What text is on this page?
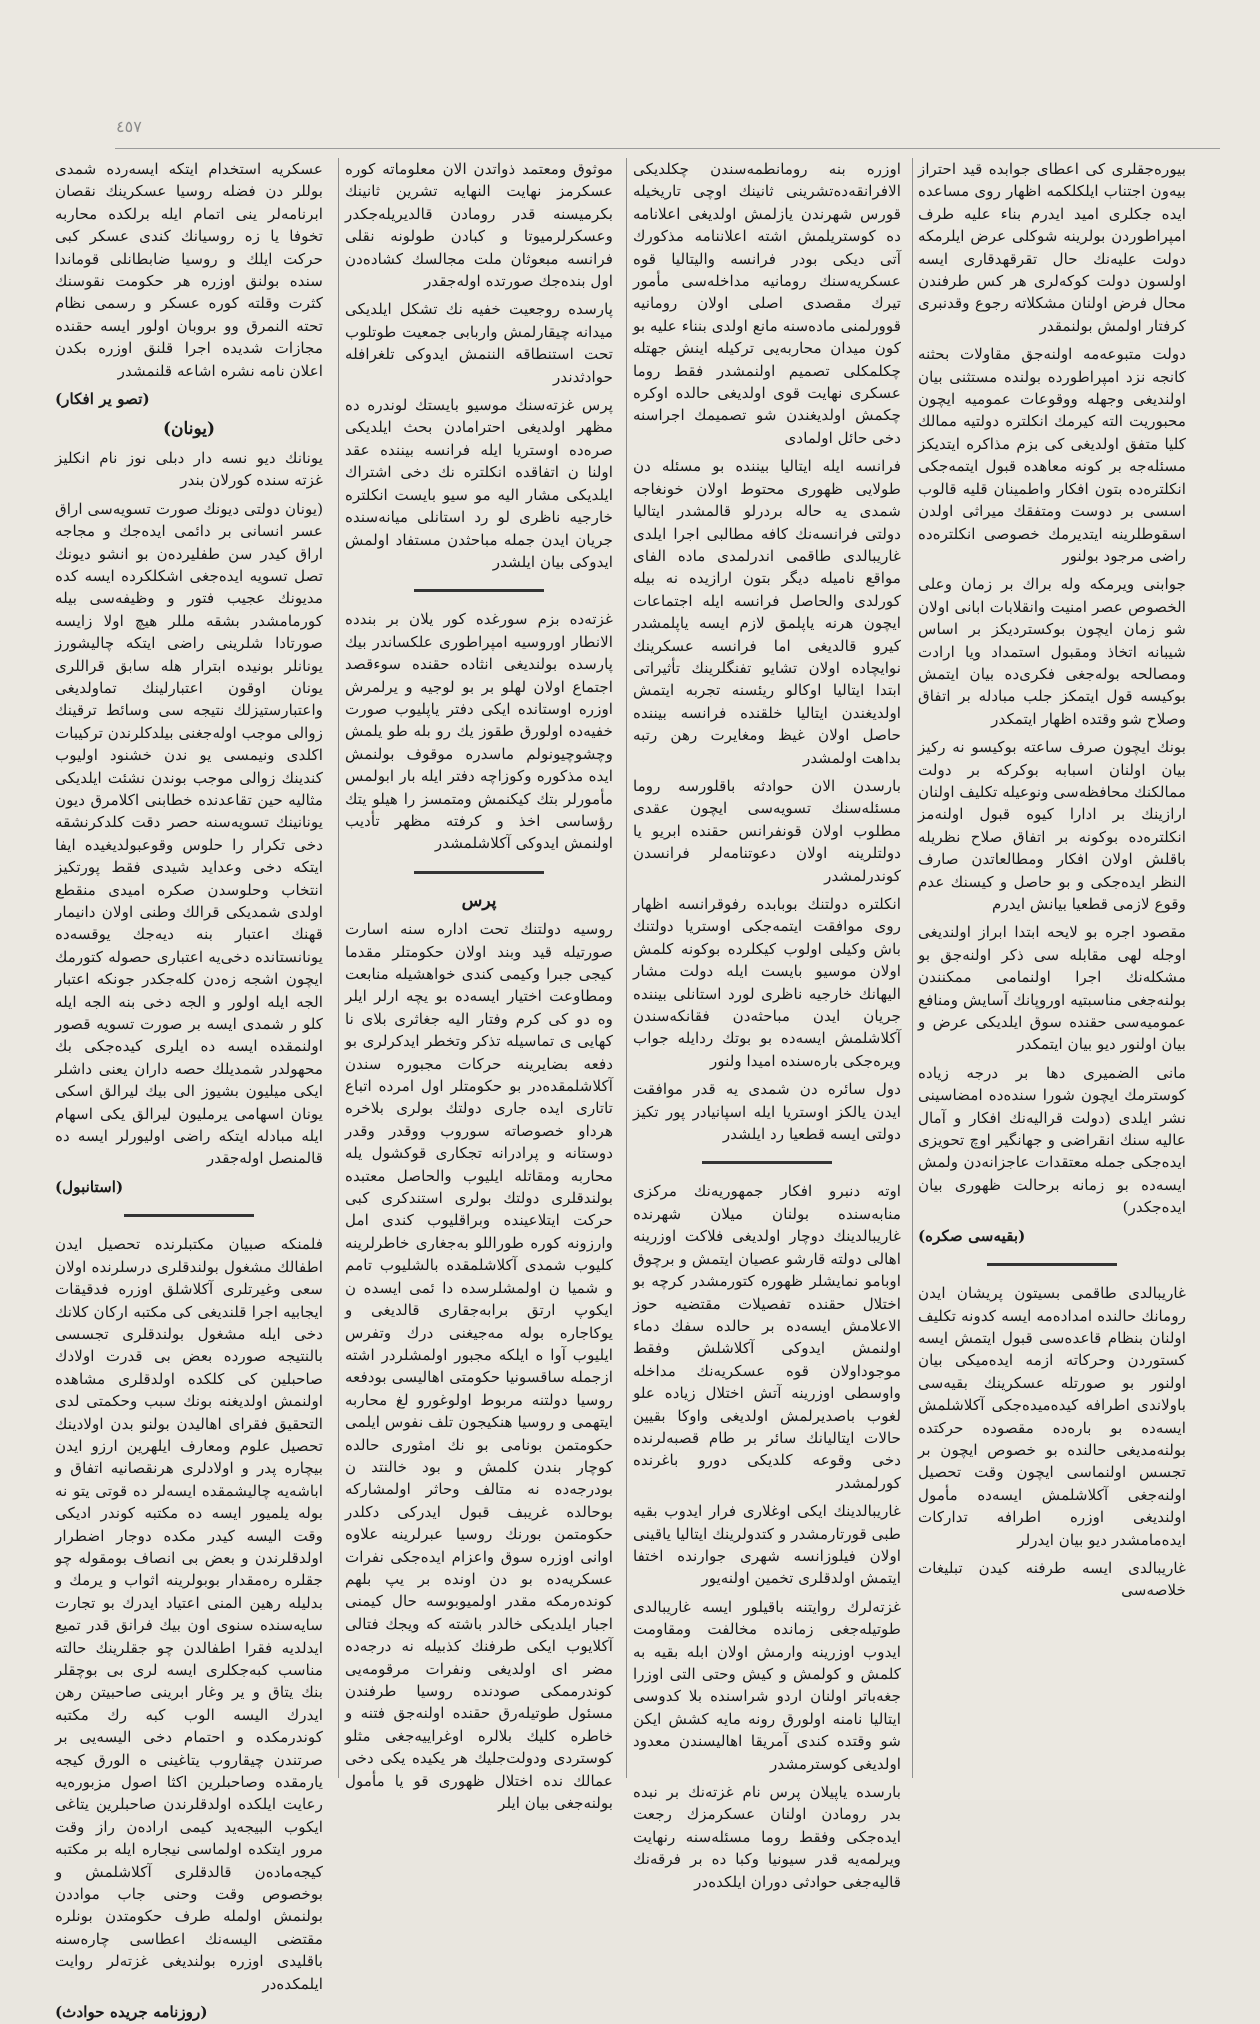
٤٥٧

بیوره‌جقلری كی اعطای جوابده قید احتراز بیه‌ون اجتناب ایلكلكمه اظهار روی مساعده ایده جكلری امید ایدرم بناء علیه طرف امپراطوردن بولرینه شوکلی عرض ایلرمكه دولت علیه‌نك حال تقرقهدقاری ایسه اولسون دولت كوكه‌لری هر كس طرفندن محال فرض اولنان مشكلاته رجوع وقدنبری كرفتار اولمش بولنمقدر

دولت متبوعه‌مه اولنه‌جق مقاولات بحثنه كانجه نزد امپراطورده بولنده مستثنی بیان اولندیغی وجهله ووقوعات عمومیه ایچون محبوریت الته كیرمك انكلتره دولتیه ممالك كلیا متفق اولدیغی كی بزم مذاكره ایتدیكز مسئله‌جه بر كونه معاهده قبول ایتمه‌جكی انكلتره‌ده بتون افكار واطمینان قلیه قالوب اسسی بر دوست ومتفقك میراثی اولدن اسقوطلرینه ایتدیرمك خصوصی انكلتره‌ده راضی مرجود بولنور

جوابنی ویرمكه وله براك بر زمان وعلی الخصوص عصر امنیت وانقلابات ابانی اولان شو زمان ایچون بوكستردیكز بر اساس شیبانه اتخاذ ومقبول استمداد ویا ارادت ومصالحه بوله‌جغی فكری‌ده بیان ایتمش بوكیسه قول ایتمكز جلب مبادله بر اتفاق وصلاح شو وقتده اظهار ایتمكدر

بونك ایچون صرف ساعته بوكیسو نه ركیز بیان اولنان اسبابه بوكركه بر دولت ممالكنك محافظه‌سی ونوعیله تكلیف اولنان ارازینك بر ادارا كیوه قبول اولنه‌مز انكلتره‌ده بوكونه بر اتفاق صلاح نظریله باقلش اولان افكار ومطالعاتدن صارف النظر ایده‌جكی و بو حاصل و كیسنك عدم وقوع لازمی قطعیا بیانش ایدرم

مقصود اجره بو لایحه ابتدا ابراز اولندیغی اوجله لهی مقابله سی ذكر اولنه‌جق بو مشكله‌نك اجرا اولنمامی ممكنندن بولنه‌جغی مناسبتیه اوروپانك آسایش ومنافع عمومیه‌سی حقنده سوق ایلدیكی عرض و بیان اولنور دیو بیان ایتمكدر

مانی الضمیری دها بر درجه زیاده كوسترمك ایچون شورا سنده‌ده امضاسینی نشر ایلدی (دولت قرالیه‌نك افكار و آمال عالیه‌ سنك انقراضی و جهانگیر اوچ تحویزی ایده‌جكی جمله معتقدات عاجزانه‌دن ولمش ایسه‌ده بو زمانه برحالت ظهوری بیان ایده‌جكدر)

(بقیه‌سی صكره)

غاریبالدی طاقمی بسیتون پریشان ایدن رومانك حالنده امداده‌مه ایسه كدونه تكلیف اولنان بنظام قاعده‌سی قبول ایتمش ایسه كستوردن وحركاته ازمه ایده‌میكی بیان اولنور بو صورتله عسكرینك بقیه‌سی باولاندی اطرافه كیده‌میده‌جكی آكلاشلمش ایسه‌ده بو باره‌ده مقصوده حركتده بولنه‌مدیغی حالنده بو خصوص ایچون بر تجسس اولنماسی ایچون وقت تحصیل اولنه‌جغی آكلاشلمش ایسه‌ده مأمول اولندیغی اوزره اطرافه تداركات ایده‌مامشدر دیو بیان ایدرلر

غاریبالدی ایسه طرفنه كیدن تبلیغات خلاصه‌سی

اوزره بنه رومانطمه‌سندن چكلدیكی الافرانقه‌ده‌تشرینی ثانینك اوچی تاریخیله قورس شهرندن یازلمش اولدیغی اعلانامه ده كوستریلمش اشته اعلاننامه مذكورك آتی دیكی بودر فرانسه والیتالیا قوه عسكریه‌سنك رومانیه مداخله‌سی مأمور تیرك مقصدی اصلی اولان رومانیه قوورلمنی ماده‌سنه مانع اولدی بنناء علیه بو كون میدان محاربه‌یی تركیله اینش جهتله چكلمكلی تصمیم اولنمشدر فقط روما عسكری نهایت قوی اولدیغی حالده اوكره چكمش اولدیغندن شو تصمیمك اجراسنه دخی حائل اولمادی

فرانسه ایله ایتالیا بیننده بو مسئله دن طولایی ظهوری محتوط اولان خونغاجه شمدی یه حاله بردرلو قالمشدر ایتالیا دولتی فرانسه‌نك كافه مطالبی اجرا ایلدی غاریبالدی طاقمی اندرلمدی ماده الفای مواقع نامیله دیگر بتون ارازیده نه بیله كورلدی والحاصل فرانسه ایله اجتماعات ایچون هرنه یاپلمق لازم ایسه یاپلمشدر كیرو قالدیغی اما فرانسه عسكرینك نوایچاده اولان تشایو تفنگلرینك تأثیراتی ابتدا ایتالیا اوكالو ریئسنه تجربه ایتمش اولدیغندن ایتالیا خلقنده فرانسه بیننده حاصل اولان غیظ ومغایرت رهن رتبه بداهت اولمشدر

بارسدن الان حوادثه باقلورسه روما مسئله‌سنك تسویه‌سی ایچون عقدی مطلوب اولان قونفرانس حقنده ابریو یا دولتلرینه اولان دعوتنامه‌لر فرانسدن كوندرلمشدر

انكلتره دولتنك بوبابده رفوقرانسه اظهار روی موافقت ایتمه‌جكی اوستریا دولتنك باش وكیلی اولوب كیكلرده بوكونه كلمش اولان موسیو بایست ایله دولت مشار الیهانك خارجیه ناظری لورد استانلی بیننده جریان ایدن مباحثه‌دن فقانكه‌سندن آكلاشلمش ایسه‌ده بو بوتك ردایله جواب ویره‌جكی باره‌سنده‌ امیدا ولنور

دول سائره دن شمدی یه قدر موافقت ایدن یالكز اوستریا ایله اسپانیادر پور تكیز دولتی ایسه قطعیا رد ایلشدر

اوته دنبرو افكار جمهوریه‌نك مركزی منابه‌سنده بولنان میلان شهرنده غاریبالدینك دوچار اولدیغی فلاكت اوزرینه اهالی دولته قارشو عصیان ایتمش و برچوق اوبامو نمایشلر ظهوره كتورمشدر كرچه بو اختلال حقنده تفصیلات مقتضیه حوز الاعلامش ایسه‌ده بر حالده سفك دماء اولنمش ایدوكی آكلاشلش وفقط موجوداولان قوه عسكریه‌نك مداخله واوسطی اوزرینه آتش اختلال زیاده علو لغوب باصدیرلمش اولدیغی واوكا بقیین حالات ایتالیانك سائر بر طام قصبه‌لرنده دخی وقوعه كلدیكی دورو باغرنده كورلمشدر

غاریبالدینك ایكی اوغلاری فرار ایدوب بقیه‌ طبی قورتارمشدر و كتدولرینك ایتالیا یاقینی اولان فیلوزانسه شهری جوارنده اختفا ایتمش اولدقلری تخمین اولنه‌یور

غزته‌لرك روایتنه باقیلور ایسه غاریبالدی طوتیله‌جغی زمانده مخالفت ومقاومت ایدوب اوزرینه وارمش اولان ابله بقیه به كلمش و كولمش و كیش وحتی التی اوزرا جغه‌باتر اولنان اردو شراسنده بلا كدوسی ایتالیا نامنه اولورق رونه مایه كشش ایكن شو وقتده كندی آمریقا اهالیسندن معدود اولدیغی كوسترمشدر

بارسده یاپیلان پرس نام غزته‌نك بر نبده بدر رومادن اولنان عسكرمزك رجعت ایده‌جكی وفقط روما مسئله‌سنه رنهایت ویرلمه‌یه قدر سیونیا وكبا ده بر فرقه‌نك قالیه‌جغی حوادثی دوران ایلكده‌در

موثوق ومعتمد ذواتدن الان معلوماته كوره عسكرمز نهایت النهایه تشرین ثانینك بكرمیسنه قدر رومادن قالدیریله‌جكدر وعسكرلرمیوتا و كبادن طولونه نقلی فرانسه مبعوثان ملت مجالسك كشاده‌دن اول بنده‌جك صورتده اوله‌جقدر

پارسده روجعیت خفیه نك تشكل ایلدیكی میدانه چیقارلمش واربابی جمعیت طوتلوب تحت استنطاقه الننمش ایدوكی تلغرافله حوادثدندر

پرس غزته‌سنك موسیو بایستك لوندره ده مظهر اولدیغی احترامادن بحث ایلدیكی صره‌ده اوستریا ایله فرانسه بیننده عقد اولنا ن اتفاقده انكلتره نك دخی اشتراك ایلدیكی مشار الیه مو سیو بایست انكلتره خارجیه ناظری لو رد استانلی میانه‌سنده جریان ایدن جمله مباحثدن مستفاد اولمش ایدوكی بیان ایلشدر

غزته‌ده بزم سورغده كور یلان بر بندده الانطار اوروسیه امپراطوری علكساندر بیك پارسده بولندیغی انثاده حقنده سوءقصد اجتماع اولان لهلو بر بو لوجیه و یرلمرش اوزره اوستانده ایكی دفتر یاپلیوب صورت خفیه‌ده اولورق طقوز یك رو بله طو یلمش وچشوچیونولم ماسدره موقوف بولنمش ایده مذكوره وكوزاچه دفتر ایله بار ابولمس مأمورلر بتك كیكنمش ومتمسز را هیلو یتك رؤساسی اخذ و كرفته مظهر تأدیب اولنمش ایدوكی آكلاشلمشدر

پرس

روسیه دولتنك تحت اداره سنه اسارت صورتیله قید وبند اولان حكومتلر مقدما كیجی جبرا وكیمی كندی خواهشیله منابعت ومطاوعت اختیار ایسه‌ده بو یچه ارلر ایلر وه دو كی كرم وفتار الیه جغاثری بلای نا كهایی ی تماسیله تذكر وتخطر ایدكرلری بو دفعه بضایرینه حركات مجبوره سندن آكلاشلمقده‌در بو حكومتلر اول امرده اتباع تاتاری ایده جاری دولتك بولری بلاخره هرداو خصوصاته سوروب ووقدر وقدر دوستانه و پرادرانه تجكاری قوكشول یله محاربه ومقاتله ایلیوب والحاصل معتبده بولندقلری دولتك بولری استندكری كبی حركت ایتلاعینده وبراقلیوب كندی امل وارزونه كوره طوراللو به‌جغاری خاطرلرینه كلیوب شمدی آكلاشلمقده بالشلیوب تامم و شمیا ن اولمشلرسده دا ئمی ایسده ن ایكوپ ارتق برابه‌جقاری قالدیغی و یوكاجاره بوله مه‌جیغنی درك وتفرس ایلیوب آوا ه ایلكه مجبور اولمشلردر اشته ازجمله ساقسونیا حكومتی اهالیسی بودفعه روسیا دولتنه مربوط اولوغورو لغ محاربه ایتهمی و روسیا هنكیجون تلف نفوس ایلمی حكومتمن بونامی بو نك امثوری حالده كوچار بندن كلمش و بود خالنتد ن بودرجه‌ده نه‌ متالف وحاثر اولمشاركه بوحالده غریبف قبول ایدركی دكلدر حكومتمن بورنك روسیا عبرلرینه علاوه اوانی اوزره سوق واعزام ایده‌جكی نفرات عسكریه‌ده بو دن اونده بر یپ بلهم كونده‌رمكه مقدر اولمیوبوسه حال كیمنی اجبار ایلدیكی خالدر باشته كه ویجك فتالی آكلایوب ایكی طرفنك كذبیله نه درجه‌ده مضر ای اولدیغی ونفرات مرقومه‌یی كوندرممكی صودنده روسیا طرفندن مسئول طوتیله‌رق حقنده اولنه‌جق فتنه و خاطره كلیك بلالره اوغراییه‌جغی مثلو كوستردی ودولت‌جلیك هر یكیده یكی دخی عمالك نده اختلال ظهوری قو یا مأمول بولنه‌جغی بیان ایلر

عسكریه استخدام ایتكه ایسه‌رده شمدی بوللر دن فضله روسیا عسكرینك نقصان ابرنامه‌لر ینی اتمام ایله برلكده محاربه‌ تخوفا یا زه روسیانك كندی عسكر كبی حركت ایلك و روسیا ضابطانلی قوماندا سنده بولنق اوزره هر حكومت نقوسنك كثرت وقلته كوره عسكر و رسمی نظام تحته النمرق وو بروبان اولور ایسه حقنده مجازات شدیده‌ اجرا قلنق اوزره بكدن اعلان نامه‌ نشره اشاعه قلنمشدر

(تصو یر افكار)

(یونان)

یونانك دیو نسه دار دبلی نوز نام انكلیز غزته سنده كورلان بندر

(یونان دولتی دیونك صورت تسویه‌سی اراق عسر انسانی بر دائمی ایده‌جك و مجاجه اراق كیدر سن طفلیرده‌ن بو انشو دیونك تصل تسویه ایده‌جغی اشكلكرده‌ ایسه كده مدیونك عجیب فتور و وظیفه‌سی بیله كورمامشدر بشقه مللر هیچ اولا زایسه صورتادا شلرینی راضی ایتكه چالیشورز یونانلر بونیده ابترار هله سابق قراللری یونان اوقون اعتبارلینك تماولدیغی واعتبارستیزلك نتیجه سی وسائط ترقینك زوالی موجب اوله‌جغنی بیلدكلرندن تركیبات اكلدی ونیمسی یو ندن خشنود اولیوب كندینك زوالی موجب بوندن نشئت ایلدیكی مثالیه حین تقاعدنده خطابنی اكلامرق دیون یونانینك تسویه‌سنه حصر دقت كلدكرنشقه دخی تكرار را حلوس وقوعبولدیغیده ایفا ایتكه دخی وعداید شیدی فقط پورتكیز انتخاب وحلوسدن صكره امیدی منقطع اولدی شمدیكی قرالك وطنی اولان دانیمار قهنك اعتبار بنه دیه‌جك یوقسه‌ده یونانستانده دخی‌یه اعتباری حصوله كتورمك ایچون اشجه زه‌دن كله‌جكدر جونكه اعتبار الجه ایله اولور و الجه دخی بنه الجه ایله كلو ر شمدی ایسه بر صورت تسویه قصور اولنمقده ایسه ده ایلری كیده‌جكی بك محهولدر شمدیلك حصه داران یعنی داشلر ایكی میلیون بشیوز الی بیك لیرالق اسكی یونان اسهامی یرملیون لیرالق یكی اسهام‌ ایله مبادله ایتكه راضی اولیورلر ایسه ده قالمنصل اوله‌جقدر

(استانبول)

فلمنكه صبیان مكتبلرنده تحصیل ایدن اطفالك مشغول بولندقلری درسلرنده اولان سعی وغیرتلری آكلاشلق اوزره فدقیقات ایجابیه اجرا قلندیغی كی مكتبه اركان كلانك دخی ایله مشغول بولندقلری تجسسی بالنتیجه صورده بعض بی قدرت اولادك صاحبلین كی كلكده اولدقلری مشاهده اولنمش اولدیغنه بونك سبب وحكمتی لدی التحقیق فقرای اهالیدن بولنو بدن اولادینك تحصیل علوم ومعارف ایلهرین ارزو ایدن بیچاره پدر و اولادلری هرنقصانیه اتفاق و اباشه‌یه چالیشمقده‌ ایسه‌لر ده قوتی یتو نه بوله‌ یلمیور ایسه ده مكتبه كوندر ادیكی وقت الیسه‌ كیدر مكده دوجار اضطرار اولدقلرندن و بعض بی انصاف بومقوله چو جقلره ره‌مقدار بوبولرینه اثواب و یرمك و بدلیله رهین المنی اعتیاد ایدرك بو تجارت سایه‌سنده سنوی اون بیك فرانق قدر تمیع ایدلدیه فقرا اطفالدن چو جقلرینك حالته مناسب كبه‌جكلری ایسه لری بی بوچقلر بنك یتاق و یر وغار ابرینی صاحبیتن رهن ایدرك الیسه الوب كبه رك مكتبه كوندرمكده و احتمام دخی‌ الیسه‌یی بر صرتندن چیقاروب یتاغینی ه الورق كیجه یارمقده وصاحبلرین اكثا اصول مزبوره‌یه رعایت ایلكده اولدقلرندن صاحبلرین یتاغی ایکوب البیجه‌ید كیمی اراده‌ن راز وقت مرور ایتكده اولماسی نیجاره ایله بر مكتبه كیجه‌ماده‌ن قالدقلری آكلاشلمش و بوخصوص وقت وحنی جاب مواددن بولنمش اولمله طرف حكومتدن بونلره مقتضی الیسه‌نك اعطاسی چاره‌سنه باقلیدی اوزره بولندیغی غزته‌لر روایت ایلمكده‌در

(روزنامه‌ جریده حوادث)
